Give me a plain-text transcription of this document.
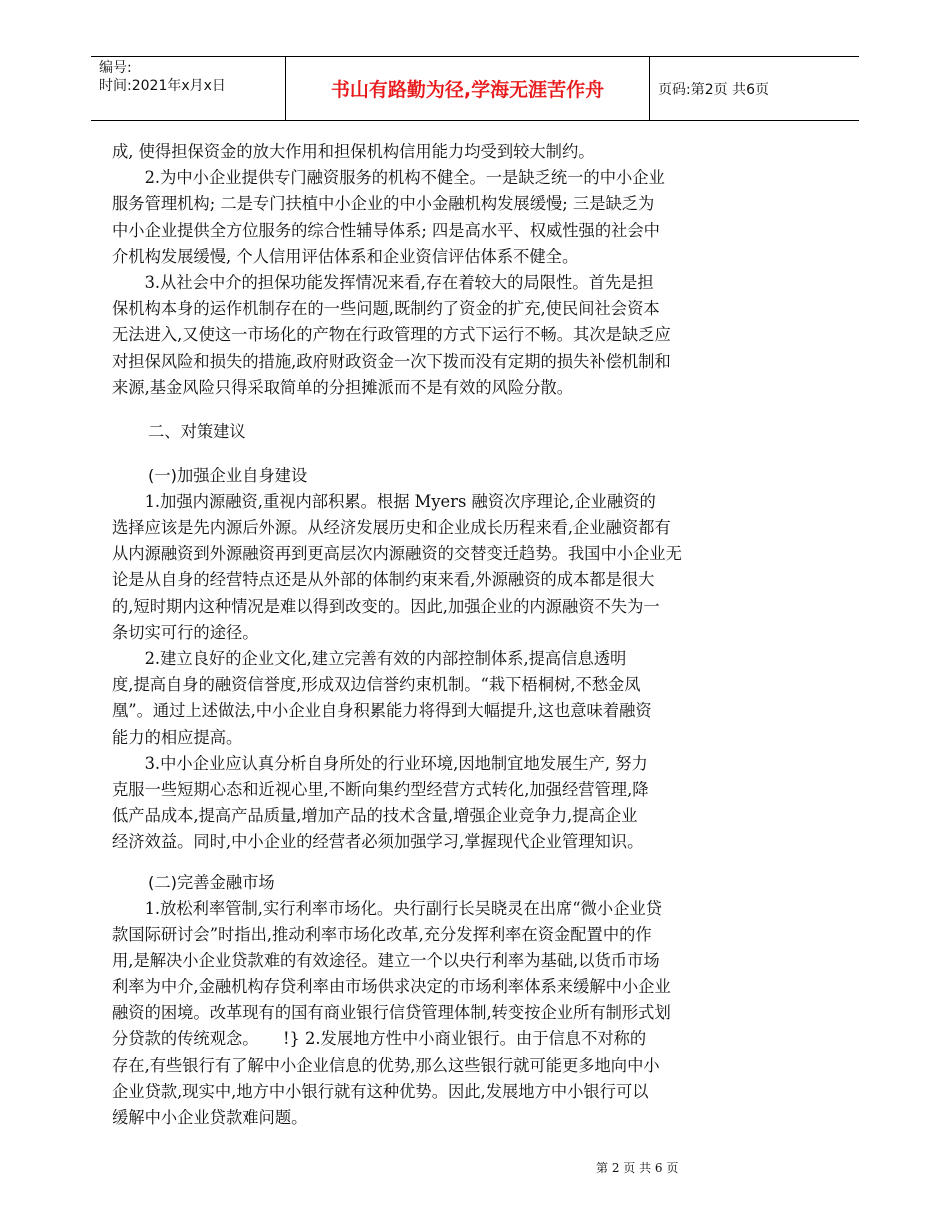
编号:
时间:2021年x月x日	书山有路勤为径,学海无涯苦作舟	页码:第2页 共6页
成, 使得担保资金的放大作用和担保机构信用能力均受到较大制约。
　　2.为中小企业提供专门融资服务的机构不健全。一是缺乏统一的中小企业
服务管理机构; 二是专门扶植中小企业的中小金融机构发展缓慢; 三是缺乏为
中小企业提供全方位服务的综合性辅导体系; 四是高水平、权威性强的社会中
介机构发展缓慢, 个人信用评估体系和企业资信评估体系不健全。
　　3.从社会中介的担保功能发挥情况来看,存在着较大的局限性。首先是担
保机构本身的运作机制存在的一些问题,既制约了资金的扩充,使民间社会资本
无法进入,又使这一市场化的产物在行政管理的方式下运行不畅。其次是缺乏应
对担保风险和损失的措施,政府财政资金一次下拨而没有定期的损失补偿机制和
来源,基金风险只得采取简单的分担摊派而不是有效的风险分散。
二、对策建议
(一)加强企业自身建设
　　1.加强内源融资,重视内部积累。根据 Myers 融资次序理论,企业融资的
选择应该是先内源后外源。从经济发展历史和企业成长历程来看,企业融资都有
从内源融资到外源融资再到更高层次内源融资的交替变迁趋势。我国中小企业无
论是从自身的经营特点还是从外部的体制约束来看,外源融资的成本都是很大
的,短时期内这种情况是难以得到改变的。因此,加强企业的内源融资不失为一
条切实可行的途径。
　　2.建立良好的企业文化,建立完善有效的内部控制体系,提高信息透明
度,提高自身的融资信誉度,形成双边信誉约束机制。“栽下梧桐树,不愁金凤
凰”。通过上述做法,中小企业自身积累能力将得到大幅提升,这也意味着融资
能力的相应提高。
　　3.中小企业应认真分析自身所处的行业环境,因地制宜地发展生产, 努力
克服一些短期心态和近视心里,不断向集约型经营方式转化,加强经营管理,降
低产品成本,提高产品质量,增加产品的技术含量,增强企业竞争力,提高企业
经济效益。同时,中小企业的经营者必须加强学习,掌握现代企业管理知识。
(二)完善金融市场
　　1.放松利率管制,实行利率市场化。央行副行长吴晓灵在出席“微小企业贷
款国际研讨会”时指出,推动利率市场化改革,充分发挥利率在资金配置中的作
用,是解决小企业贷款难的有效途径。建立一个以央行利率为基础,以货币市场
利率为中介,金融机构存贷利率由市场供求决定的市场利率体系来缓解中小企业
融资的困境。改革现有的国有商业银行信贷管理体制,转变按企业所有制形式划
分贷款的传统观念。　　!} 2.发展地方性中小商业银行。由于信息不对称的
存在,有些银行有了解中小企业信息的优势,那么这些银行就可能更多地向中小
企业贷款,现实中,地方中小银行就有这种优势。因此,发展地方中小银行可以
缓解中小企业贷款难问题。
第 2 页 共 6 页
